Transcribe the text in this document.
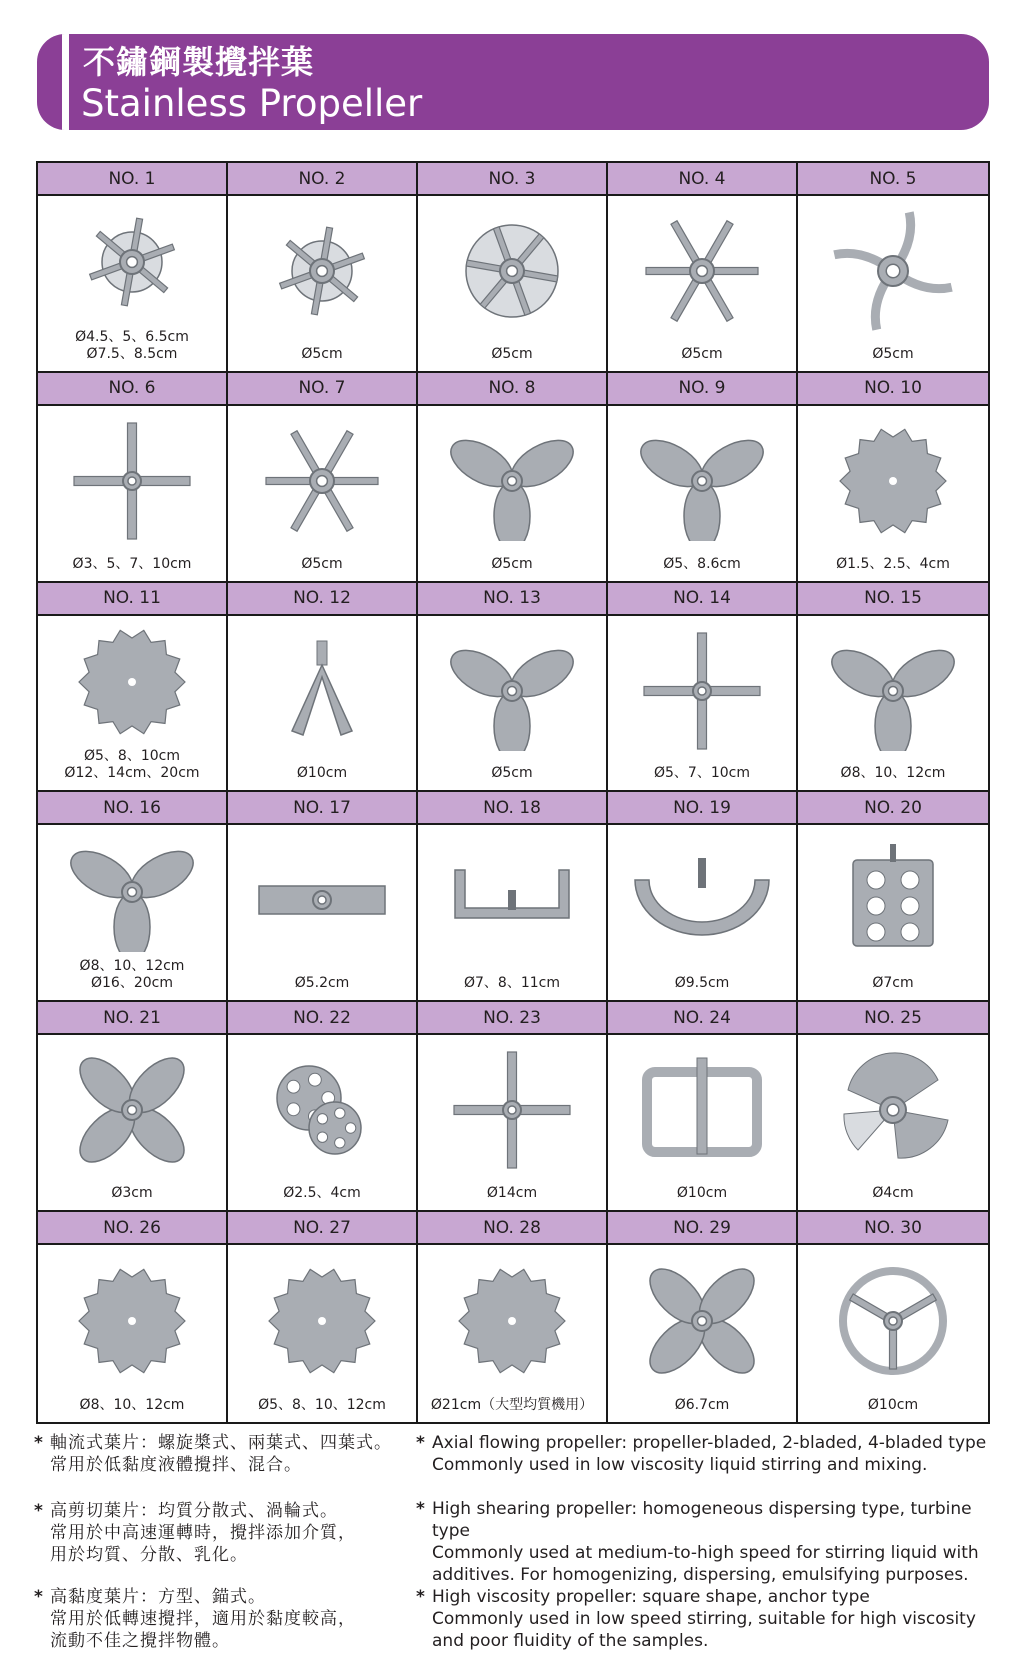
不鏽鋼製攪拌葉
Stainless Propeller
NO. 1
Ø4.5、5、6.5cm
Ø7.5、8.5cm
NO. 2
Ø5cm
NO. 3
Ø5cm
NO. 4
Ø5cm
NO. 5
Ø5cm
NO. 6
Ø3、5、7、10cm
NO. 7
Ø5cm
NO. 8
Ø5cm
NO. 9
Ø5、8.6cm
NO. 10
Ø1.5、2.5、4cm
NO. 11
Ø5、8、10cm
Ø12、14cm、20cm
NO. 12
Ø10cm
NO. 13
Ø5cm
NO. 14
Ø5、7、10cm
NO. 15
Ø8、10、12cm
NO. 16
Ø8、10、12cm
Ø16、20cm
NO. 17
Ø5.2cm
NO. 18
Ø7、8、11cm
NO. 19
Ø9.5cm
NO. 20
Ø7cm
NO. 21
Ø3cm
NO. 22
Ø2.5、4cm
NO. 23
Ø14cm
NO. 24
Ø10cm
NO. 25
Ø4cm
NO. 26
Ø8、10、12cm
NO. 27
Ø5、8、10、12cm
NO. 28
Ø21cm（大型均質機用）
NO. 29
Ø6.7cm
NO. 30
Ø10cm
* 軸流式葉片：螺旋槳式、兩葉式、四葉式。
常用於低黏度液體攪拌、混合。
* 高剪切葉片：均質分散式、渦輪式。
常用於中高速運轉時，攪拌添加介質，
用於均質、分散、乳化。
* 高黏度葉片：方型、錨式。
常用於低轉速攪拌，適用於黏度較高，
流動不佳之攪拌物體。
* Axial flowing propeller: propeller-bladed, 2-bladed, 4-bladed type
Commonly used in low viscosity liquid stirring and mixing.
* High shearing propeller: homogeneous dispersing type, turbine type
Commonly used at medium-to-high speed for stirring liquid with
additives. For homogenizing, dispersing, emulsifying purposes.
* High viscosity propeller: square shape, anchor type
Commonly used in low speed stirring, suitable for high viscosity
and poor fluidity of the samples.
